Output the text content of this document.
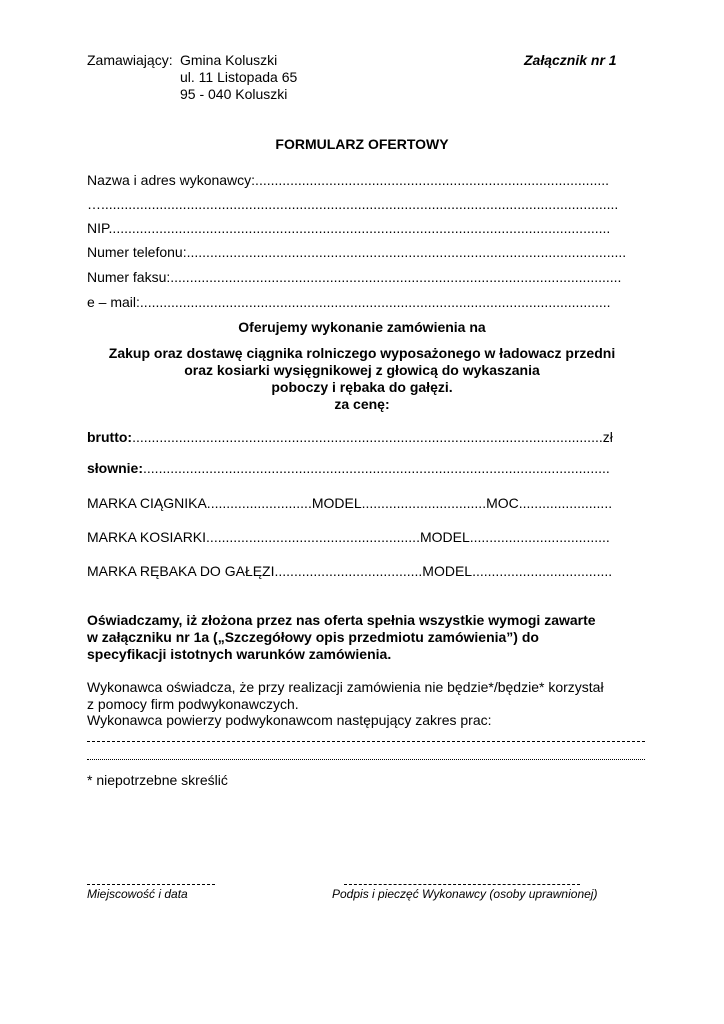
Zamawiający: Gmina Koluszki
ul. 11 Listopada 65
95 - 040 Koluszki
Załącznik nr 1
FORMULARZ OFERTOWY
Nazwa i adres wykonawcy:...........................................................................................
….....................................................................................................................................
NIP.................................................................................................................................
Numer telefonu:.................................................................................................................
Numer faksu:....................................................................................................................
e – mail:.........................................................................................................................
Oferujemy wykonanie zamówienia na
Zakup oraz dostawę ciągnika rolniczego wyposażonego w ładowacz przedni
oraz kosiarki wysięgnikowej z głowicą do wykaszania
poboczy i rębaka do gałęzi.
za cenę:
brutto:.........................................................................................................................zł
słownie:........................................................................................................................
MARKA CIĄGNIKA...........................MODEL................................MOC........................
MARKA KOSIARKI.......................................................MODEL....................................
MARKA RĘBAKA DO GAŁĘZI......................................MODEL....................................
Oświadczamy, iż złożona przez nas oferta spełnia wszystkie wymogi zawarte
w załączniku nr 1a („Szczegółowy opis przedmiotu zamówienia”) do
specyfikacji istotnych warunków zamówienia.
Wykonawca oświadcza, że przy realizacji zamówienia nie będzie*/będzie* korzystał
z pomocy firm podwykonawczych.
Wykonawca powierzy podwykonawcom następujący zakres prac:
* niepotrzebne skreślić
Miejscowość i data	Podpis i pieczęć Wykonawcy (osoby uprawnionej)
